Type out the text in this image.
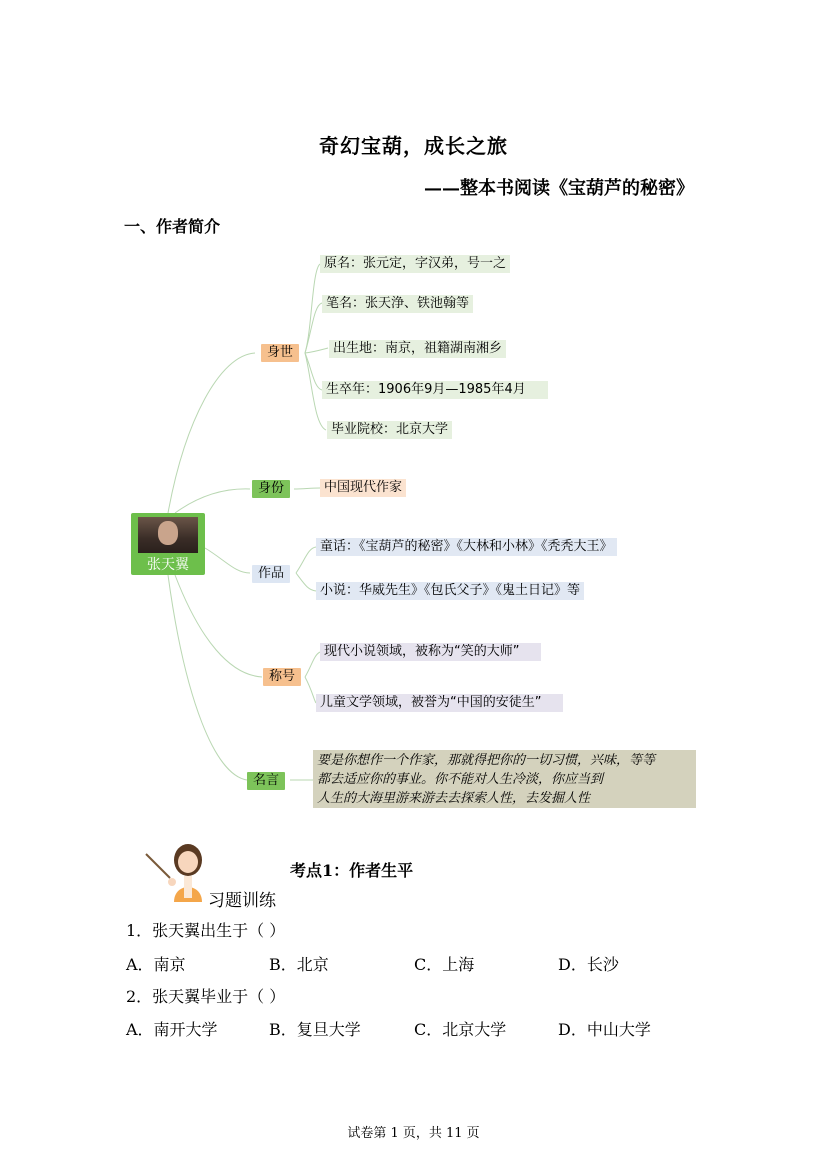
奇幻宝葫，成长之旅
——整本书阅读《宝葫芦的秘密》
一、作者简介
张天翼
身世
身份
作品
称号
名言
原名：张元定，字汉弟，号一之
笔名：张天浄、铁池翰等
出生地：南京，祖籍湖南湘乡
生卒年：1906年9月—1985年4月
毕业院校：北京大学
中国现代作家
童话：《宝葫芦的秘密》《大林和小林》《秃秃大王》
小说：华威先生》《包氏父子》《鬼土日记》等
现代小说领域，被称为“笑的大师”
儿童文学领域，被誉为“中国的安徒生”
要是你想作一个作家，那就得把你的一切习惯，兴味，等等
都去适应你的事业。你不能对人生冷淡，你应当到
人生的大海里游来游去去探索人性，去发掘人性
习题训练
考点1：作者生平
1．张天翼出生于（ ）
A．南京	B．北京	C．上海	D．长沙
2．张天翼毕业于（ ）
A．南开大学	B．复旦大学	C．北京大学	D．中山大学
试卷第 1 页，共 11 页
